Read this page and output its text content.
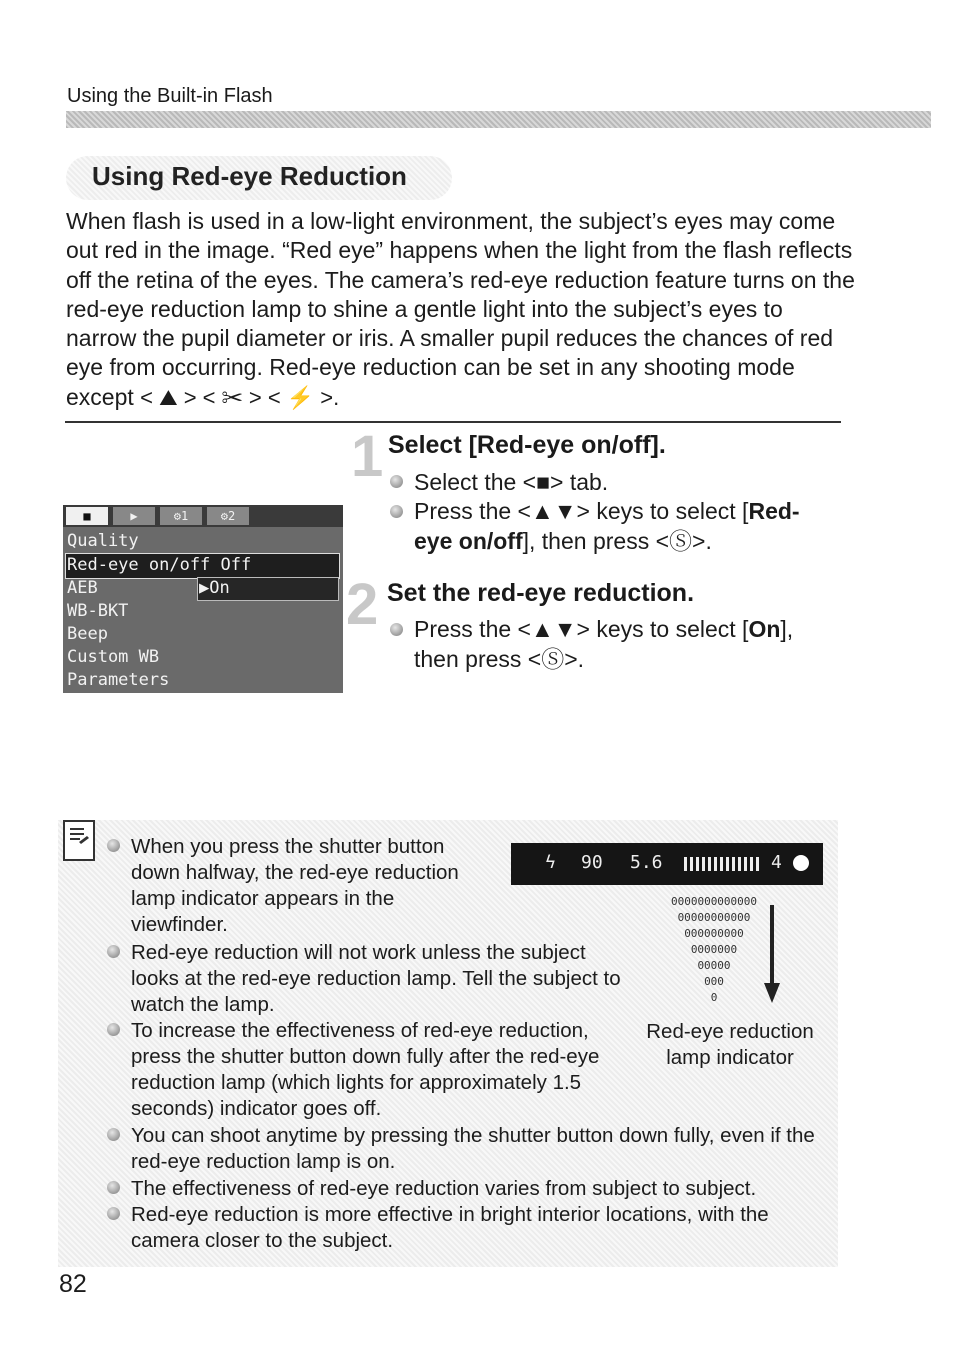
Using the Built-in Flash
Using Red-eye Reduction
When flash is used in a low-light environment, the subject’s eyes may come out red in the image. “Red eye” happens when the light from the flash reflects off the retina of the eyes. The camera’s red-eye reduction feature turns on the red-eye reduction lamp to shine a gentle light into the subject’s eyes to narrow the pupil diameter or iris. A smaller pupil reduces the chances of red eye from occurring. Red-eye reduction can be set in any shooting mode except < ⛰ > < ✂ > < ⚡ >.
■	▶	⚙1	⚙2
Quality
Red-eye on/off Off
AEB	▶On
WB-BKT
Beep
Custom WB
Parameters
1 Select [Red-eye on/off].
Select the <■> tab.
Press the <▲▼> keys to select [Red-eye on/off], then press <Ⓢ>.
2 Set the red-eye reduction.
Press the <▲▼> keys to select [On], then press <Ⓢ>.
When you press the shutter button down halfway, the red-eye reduction lamp indicator appears in the viewfinder.
Red-eye reduction will not work unless the subject looks at the red-eye reduction lamp. Tell the subject to watch the lamp.
To increase the effectiveness of red-eye reduction, press the shutter button down fully after the red-eye reduction lamp (which lights for approximately 1.5 seconds) indicator goes off.
You can shoot anytime by pressing the shutter button down fully, even if the red-eye reduction lamp is on.
The effectiveness of red-eye reduction varies from subject to subject.
Red-eye reduction is more effective in bright interior locations, with the camera closer to the subject.
ϟ 90 5.6	4
0000000000000
00000000000
000000000
0000000
00000
000
0
Red-eye reduction
lamp indicator
82
